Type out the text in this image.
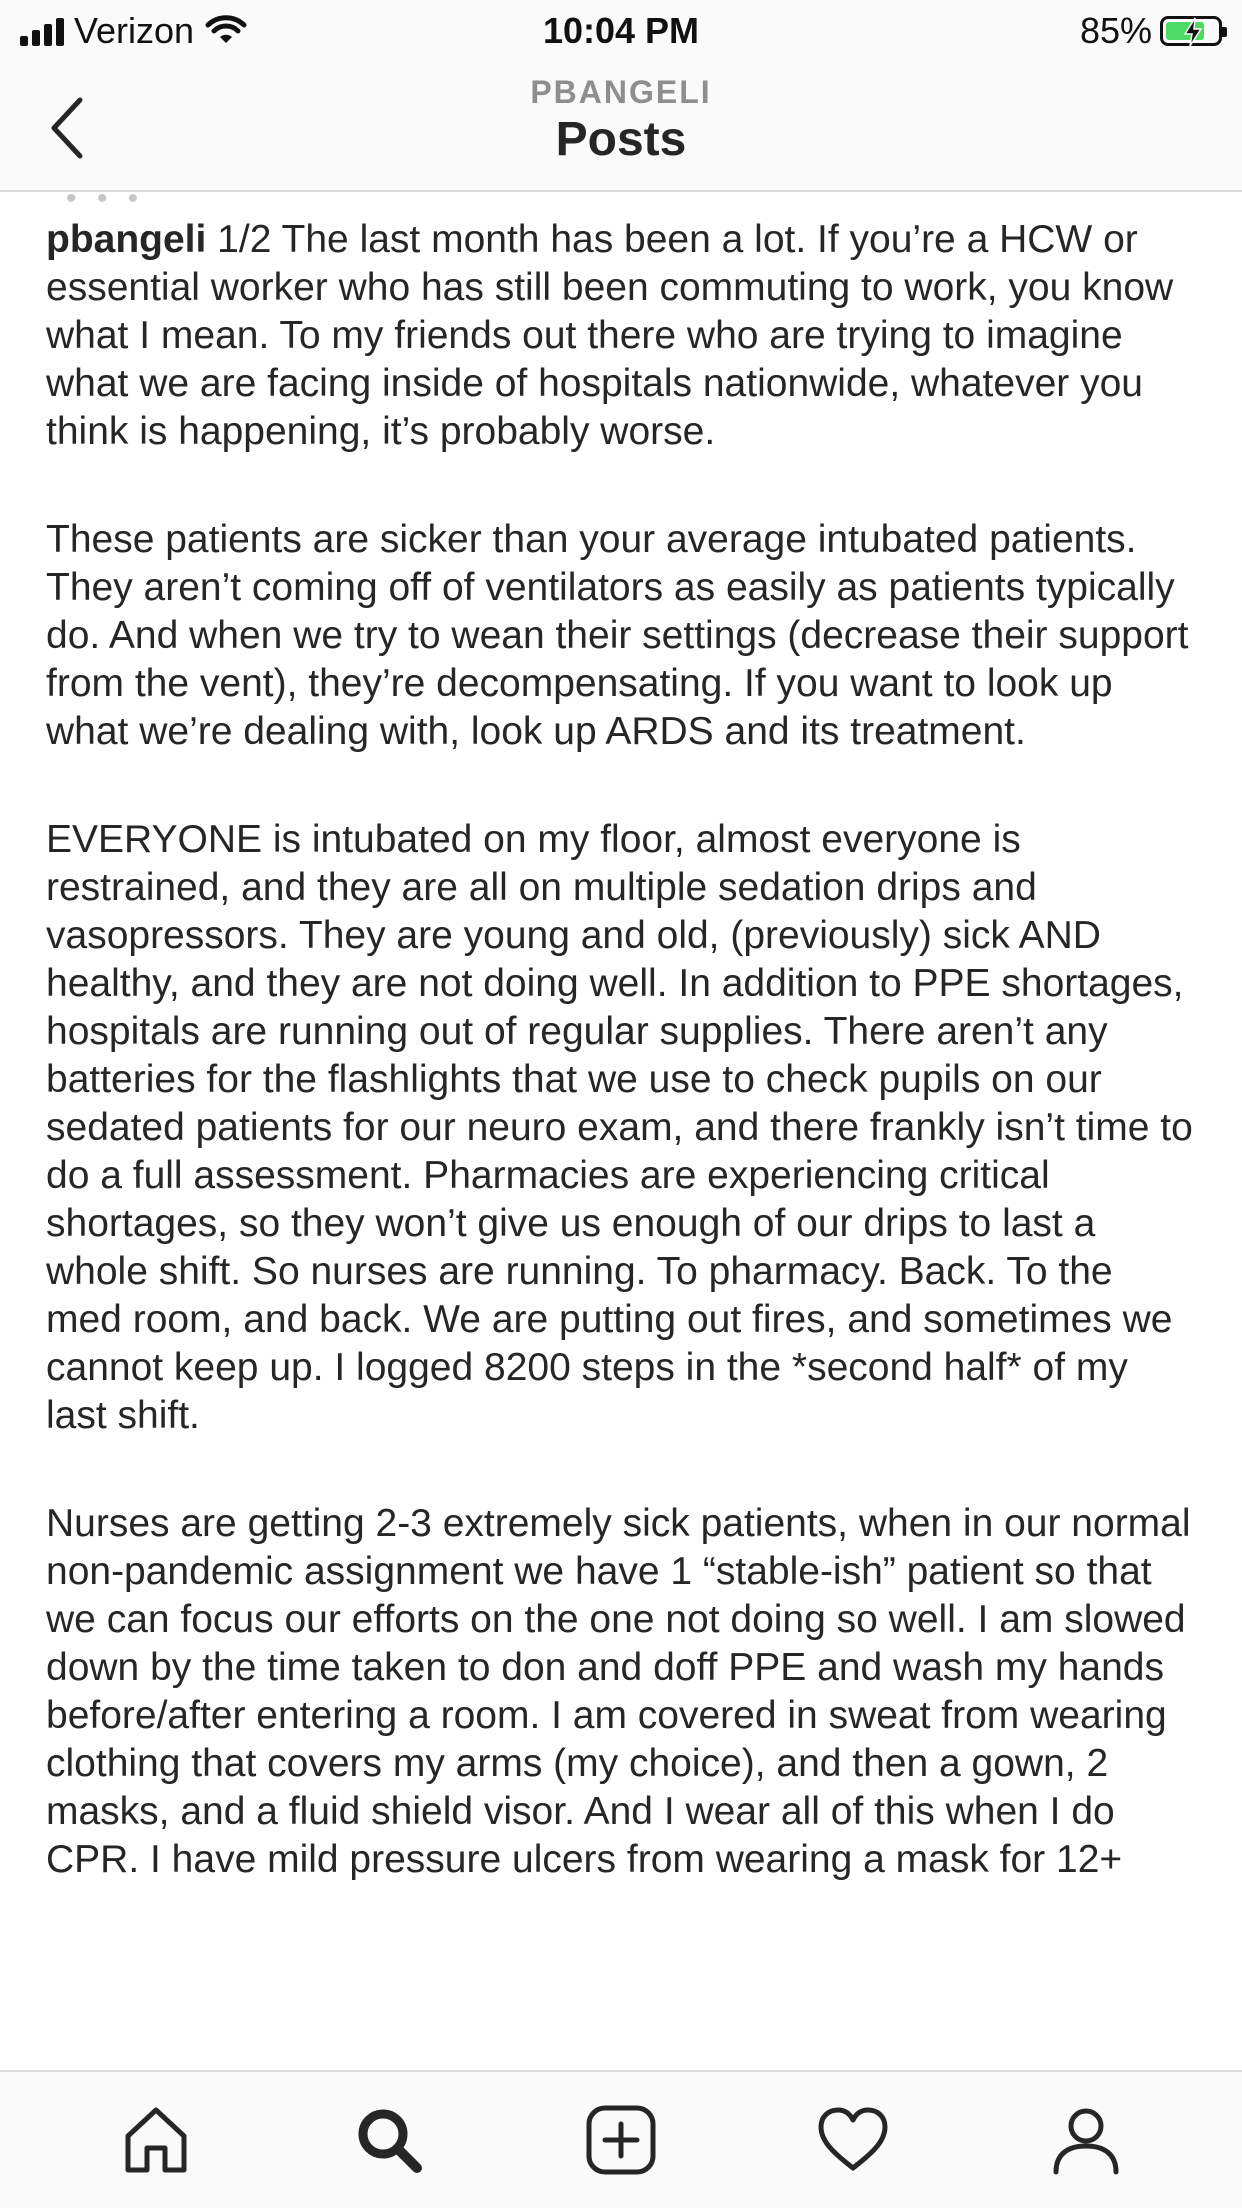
Verizon	10:04 PM	85%
PBANGELI
Posts
• • •

pbangeli 1/2 The last month has been a lot. If you’re a HCW or essential worker who has still been commuting to work, you know what I mean. To my friends out there who are trying to imagine what we are facing inside of hospitals nationwide, whatever you think is happening, it’s probably worse.

These patients are sicker than your average intubated patients. They aren’t coming off of ventilators as easily as patients typically do. And when we try to wean their settings (decrease their support from the vent), they’re decompensating. If you want to look up what we’re dealing with, look up ARDS and its treatment.

EVERYONE is intubated on my floor, almost everyone is restrained, and they are all on multiple sedation drips and vasopressors. They are young and old, (previously) sick AND healthy, and they are not doing well. In addition to PPE shortages, hospitals are running out of regular supplies. There aren’t any batteries for the flashlights that we use to check pupils on our sedated patients for our neuro exam, and there frankly isn’t time to do a full assessment. Pharmacies are experiencing critical shortages, so they won’t give us enough of our drips to last a whole shift. So nurses are running. To pharmacy. Back. To the med room, and back. We are putting out fires, and sometimes we cannot keep up. I logged 8200 steps in the *second half* of my last shift.

Nurses are getting 2-3 extremely sick patients, when in our normal non-pandemic assignment we have 1 “stable-ish” patient so that we can focus our efforts on the one not doing so well. I am slowed down by the time taken to don and doff PPE and wash my hands before/after entering a room. I am covered in sweat from wearing clothing that covers my arms (my choice), and then a gown, 2 masks, and a fluid shield visor. And I wear all of this when I do CPR. I have mild pressure ulcers from wearing a mask for 12+
